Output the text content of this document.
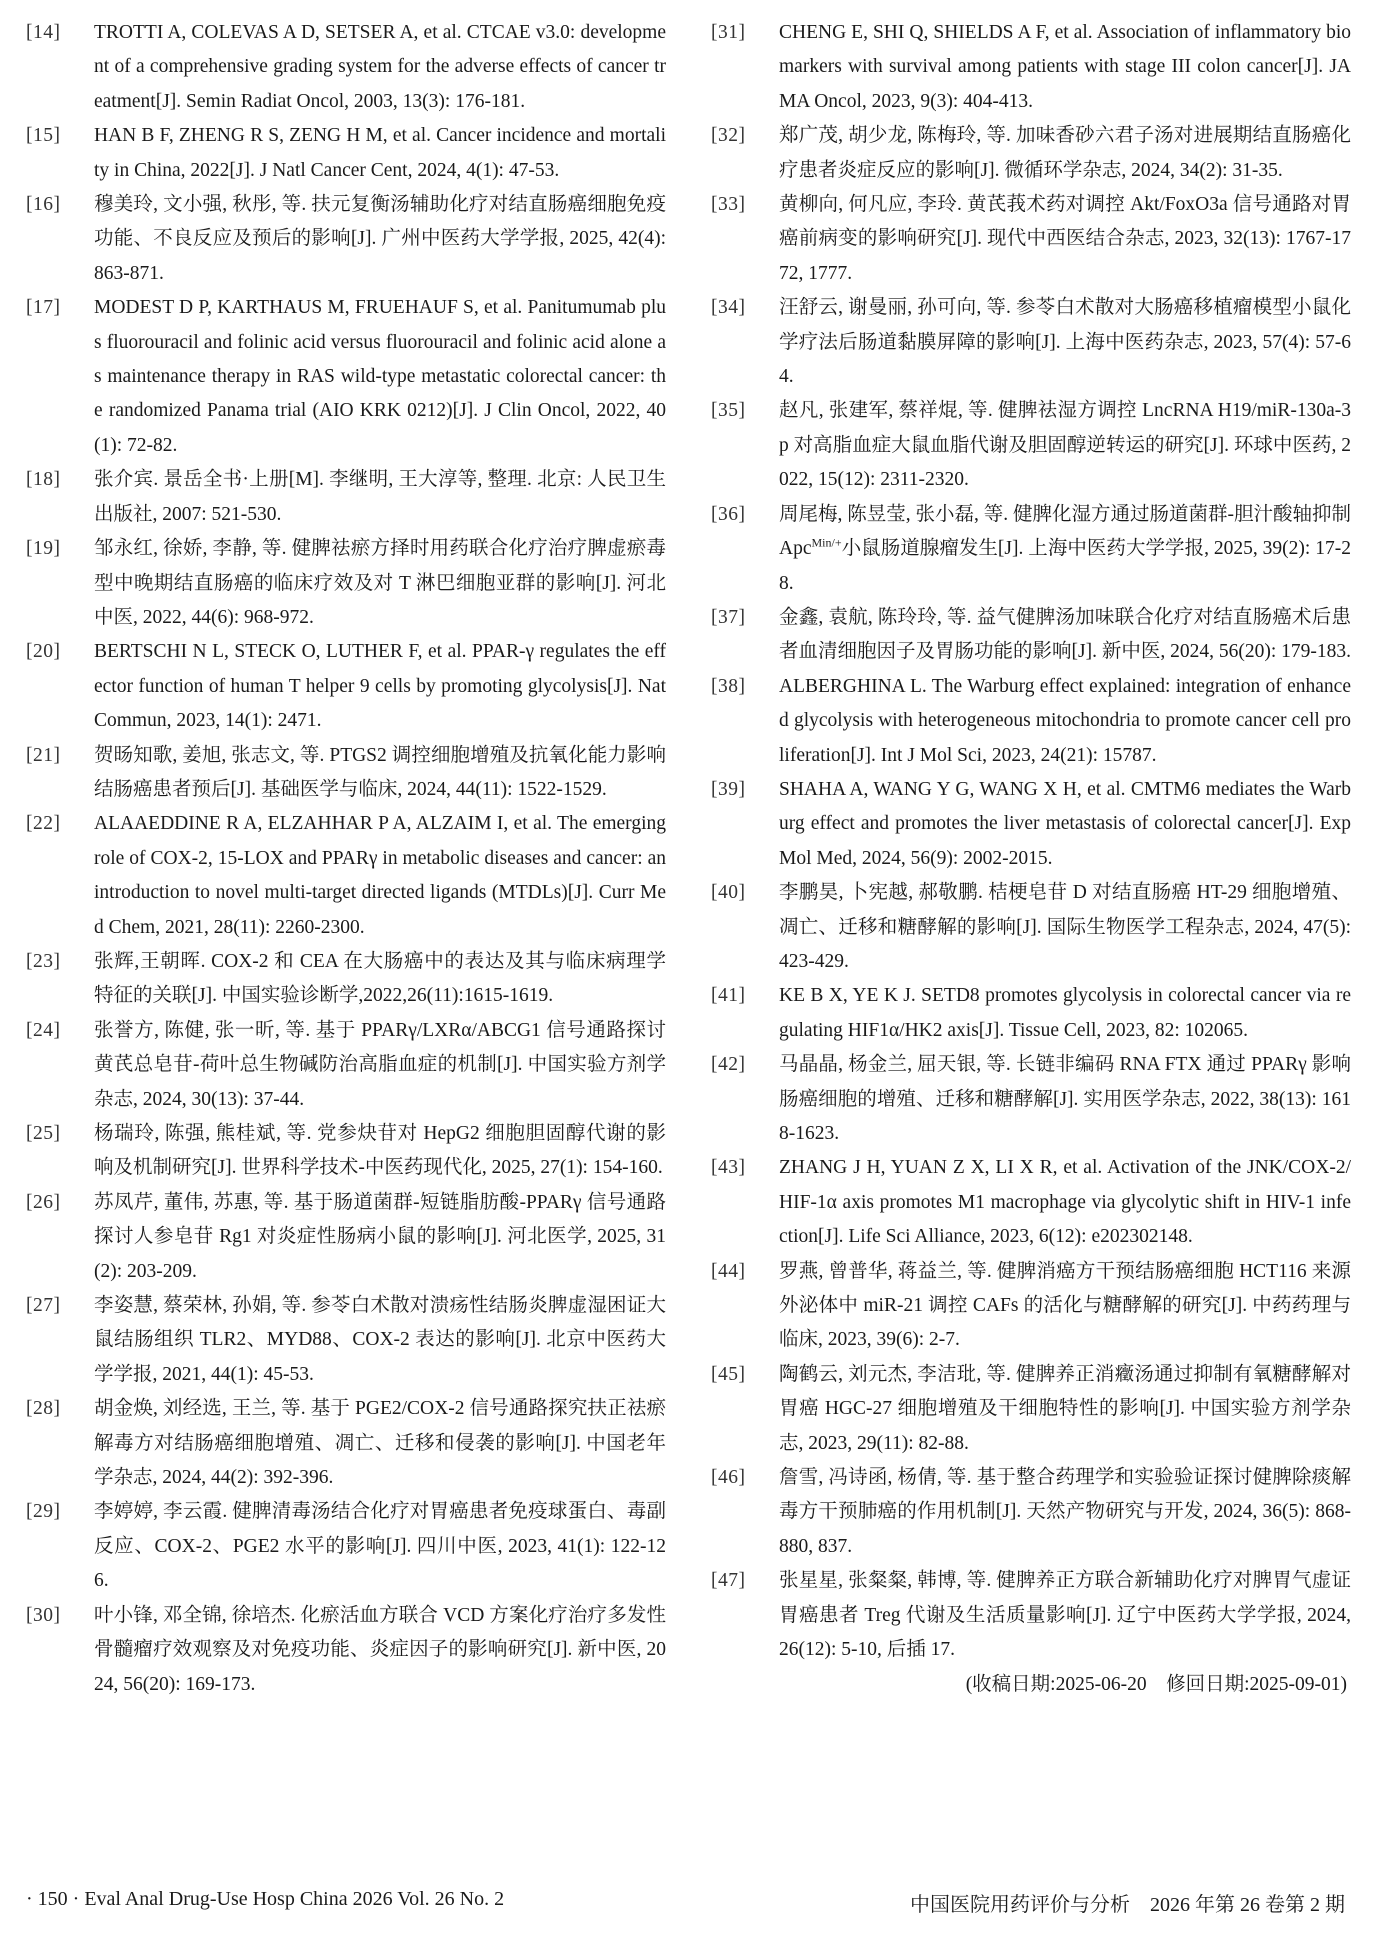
[14]	TROTTI A, COLEVAS A D, SETSER A, et al. CTCAE v3.0: development of a comprehensive grading system for the adverse effects of cancer treatment[J]. Semin Radiat Oncol, 2003, 13(3): 176-181.
[15]	HAN B F, ZHENG R S, ZENG H M, et al. Cancer incidence and mortality in China, 2022[J]. J Natl Cancer Cent, 2024, 4(1): 47-53.
[16]	穆美玲, 文小强, 秋彤, 等. 扶元复衡汤辅助化疗对结直肠癌细胞免疫功能、不良反应及预后的影响[J]. 广州中医药大学学报, 2025, 42(4): 863-871.
[17]	MODEST D P, KARTHAUS M, FRUEHAUF S, et al. Panitumumab plus fluorouracil and folinic acid versus fluorouracil and folinic acid alone as maintenance therapy in RAS wild-type metastatic colorectal cancer: the randomized Panama trial (AIO KRK 0212)[J]. J Clin Oncol, 2022, 40(1): 72-82.
[18]	张介宾. 景岳全书·上册[M]. 李继明, 王大淳等, 整理. 北京: 人民卫生出版社, 2007: 521-530.
[19]	邹永红, 徐娇, 李静, 等. 健脾祛瘀方择时用药联合化疗治疗脾虚瘀毒型中晚期结直肠癌的临床疗效及对 T 淋巴细胞亚群的影响[J]. 河北中医, 2022, 44(6): 968-972.
[20]	BERTSCHI N L, STECK O, LUTHER F, et al. PPAR-γ regulates the effector function of human T helper 9 cells by promoting glycolysis[J]. Nat Commun, 2023, 14(1): 2471.
[21]	贺旸知歌, 姜旭, 张志文, 等. PTGS2 调控细胞增殖及抗氧化能力影响结肠癌患者预后[J]. 基础医学与临床, 2024, 44(11): 1522-1529.
[22]	ALAAEDDINE R A, ELZAHHAR P A, ALZAIM I, et al. The emerging role of COX-2, 15-LOX and PPARγ in metabolic diseases and cancer: an introduction to novel multi-target directed ligands (MTDLs)[J]. Curr Med Chem, 2021, 28(11): 2260-2300.
[23]	张辉,王朝晖. COX-2 和 CEA 在大肠癌中的表达及其与临床病理学特征的关联[J]. 中国实验诊断学,2022,26(11):1615-1619.
[24]	张誉方, 陈健, 张一昕, 等. 基于 PPARγ/LXRα/ABCG1 信号通路探讨黄芪总皂苷-荷叶总生物碱防治高脂血症的机制[J]. 中国实验方剂学杂志, 2024, 30(13): 37-44.
[25]	杨瑞玲, 陈强, 熊桂斌, 等. 党参炔苷对 HepG2 细胞胆固醇代谢的影响及机制研究[J]. 世界科学技术-中医药现代化, 2025, 27(1): 154-160.
[26]	苏凤芹, 董伟, 苏惠, 等. 基于肠道菌群-短链脂肪酸-PPARγ 信号通路探讨人参皂苷 Rg1 对炎症性肠病小鼠的影响[J]. 河北医学, 2025, 31(2): 203-209.
[27]	李姿慧, 蔡荣林, 孙娟, 等. 参苓白术散对溃疡性结肠炎脾虚湿困证大鼠结肠组织 TLR2、MYD88、COX-2 表达的影响[J]. 北京中医药大学学报, 2021, 44(1): 45-53.
[28]	胡金焕, 刘经选, 王兰, 等. 基于 PGE2/COX-2 信号通路探究扶正祛瘀解毒方对结肠癌细胞增殖、凋亡、迁移和侵袭的影响[J]. 中国老年学杂志, 2024, 44(2): 392-396.
[29]	李婷婷, 李云霞. 健脾清毒汤结合化疗对胃癌患者免疫球蛋白、毒副反应、COX-2、PGE2 水平的影响[J]. 四川中医, 2023, 41(1): 122-126.
[30]	叶小锋, 邓全锦, 徐培杰. 化瘀活血方联合 VCD 方案化疗治疗多发性骨髓瘤疗效观察及对免疫功能、炎症因子的影响研究[J]. 新中医, 2024, 56(20): 169-173.
[31]	CHENG E, SHI Q, SHIELDS A F, et al. Association of inflammatory biomarkers with survival among patients with stage III colon cancer[J]. JAMA Oncol, 2023, 9(3): 404-413.
[32]	郑广茂, 胡少龙, 陈梅玲, 等. 加味香砂六君子汤对进展期结直肠癌化疗患者炎症反应的影响[J]. 微循环学杂志, 2024, 34(2): 31-35.
[33]	黄柳向, 何凡应, 李玲. 黄芪莪术药对调控 Akt/FoxO3a 信号通路对胃癌前病变的影响研究[J]. 现代中西医结合杂志, 2023, 32(13): 1767-1772, 1777.
[34]	汪舒云, 谢曼丽, 孙可向, 等. 参苓白术散对大肠癌移植瘤模型小鼠化学疗法后肠道黏膜屏障的影响[J]. 上海中医药杂志, 2023, 57(4): 57-64.
[35]	赵凡, 张建军, 蔡祥焜, 等. 健脾祛湿方调控 LncRNA H19/miR-130a-3p 对高脂血症大鼠血脂代谢及胆固醇逆转运的研究[J]. 环球中医药, 2022, 15(12): 2311-2320.
[36]	周尾梅, 陈昱莹, 张小磊, 等. 健脾化湿方通过肠道菌群-胆汁酸轴抑制 Apc$^{Min/+}$小鼠肠道腺瘤发生[J]. 上海中医药大学学报, 2025, 39(2): 17-28.
[37]	金鑫, 袁航, 陈玲玲, 等. 益气健脾汤加味联合化疗对结直肠癌术后患者血清细胞因子及胃肠功能的影响[J]. 新中医, 2024, 56(20): 179-183.
[38]	ALBERGHINA L. The Warburg effect explained: integration of enhanced glycolysis with heterogeneous mitochondria to promote cancer cell proliferation[J]. Int J Mol Sci, 2023, 24(21): 15787.
[39]	SHAHA A, WANG Y G, WANG X H, et al. CMTM6 mediates the Warburg effect and promotes the liver metastasis of colorectal cancer[J]. Exp Mol Med, 2024, 56(9): 2002-2015.
[40]	李鹏昊, 卜宪越, 郝敬鹏. 桔梗皂苷 D 对结直肠癌 HT-29 细胞增殖、凋亡、迁移和糖酵解的影响[J]. 国际生物医学工程杂志, 2024, 47(5): 423-429.
[41]	KE B X, YE K J. SETD8 promotes glycolysis in colorectal cancer via regulating HIF1α/HK2 axis[J]. Tissue Cell, 2023, 82: 102065.
[42]	马晶晶, 杨金兰, 屈天银, 等. 长链非编码 RNA FTX 通过 PPARγ 影响肠癌细胞的增殖、迁移和糖酵解[J]. 实用医学杂志, 2022, 38(13): 1618-1623.
[43]	ZHANG J H, YUAN Z X, LI X R, et al. Activation of the JNK/COX-2/HIF-1α axis promotes M1 macrophage via glycolytic shift in HIV-1 infection[J]. Life Sci Alliance, 2023, 6(12): e202302148.
[44]	罗燕, 曾普华, 蒋益兰, 等. 健脾消癌方干预结肠癌细胞 HCT116 来源外泌体中 miR-21 调控 CAFs 的活化与糖酵解的研究[J]. 中药药理与临床, 2023, 39(6): 2-7.
[45]	陶鹤云, 刘元杰, 李洁玭, 等. 健脾养正消癥汤通过抑制有氧糖酵解对胃癌 HGC-27 细胞增殖及干细胞特性的影响[J]. 中国实验方剂学杂志, 2023, 29(11): 82-88.
[46]	詹雪, 冯诗函, 杨倩, 等. 基于整合药理学和实验验证探讨健脾除痰解毒方干预肺癌的作用机制[J]. 天然产物研究与开发, 2024, 36(5): 868-880, 837.
[47]	张星星, 张粲粲, 韩博, 等. 健脾养正方联合新辅助化疗对脾胃气虚证胃癌患者 Treg 代谢及生活质量影响[J]. 辽宁中医药大学学报, 2024, 26(12): 5-10, 后插 17.
(收稿日期:2025-06-20　修回日期:2025-09-01)
· 150 · Eval Anal Drug-Use Hosp China 2026 Vol. 26 No. 2	中国医院用药评价与分析　2026 年第 26 卷第 2 期
